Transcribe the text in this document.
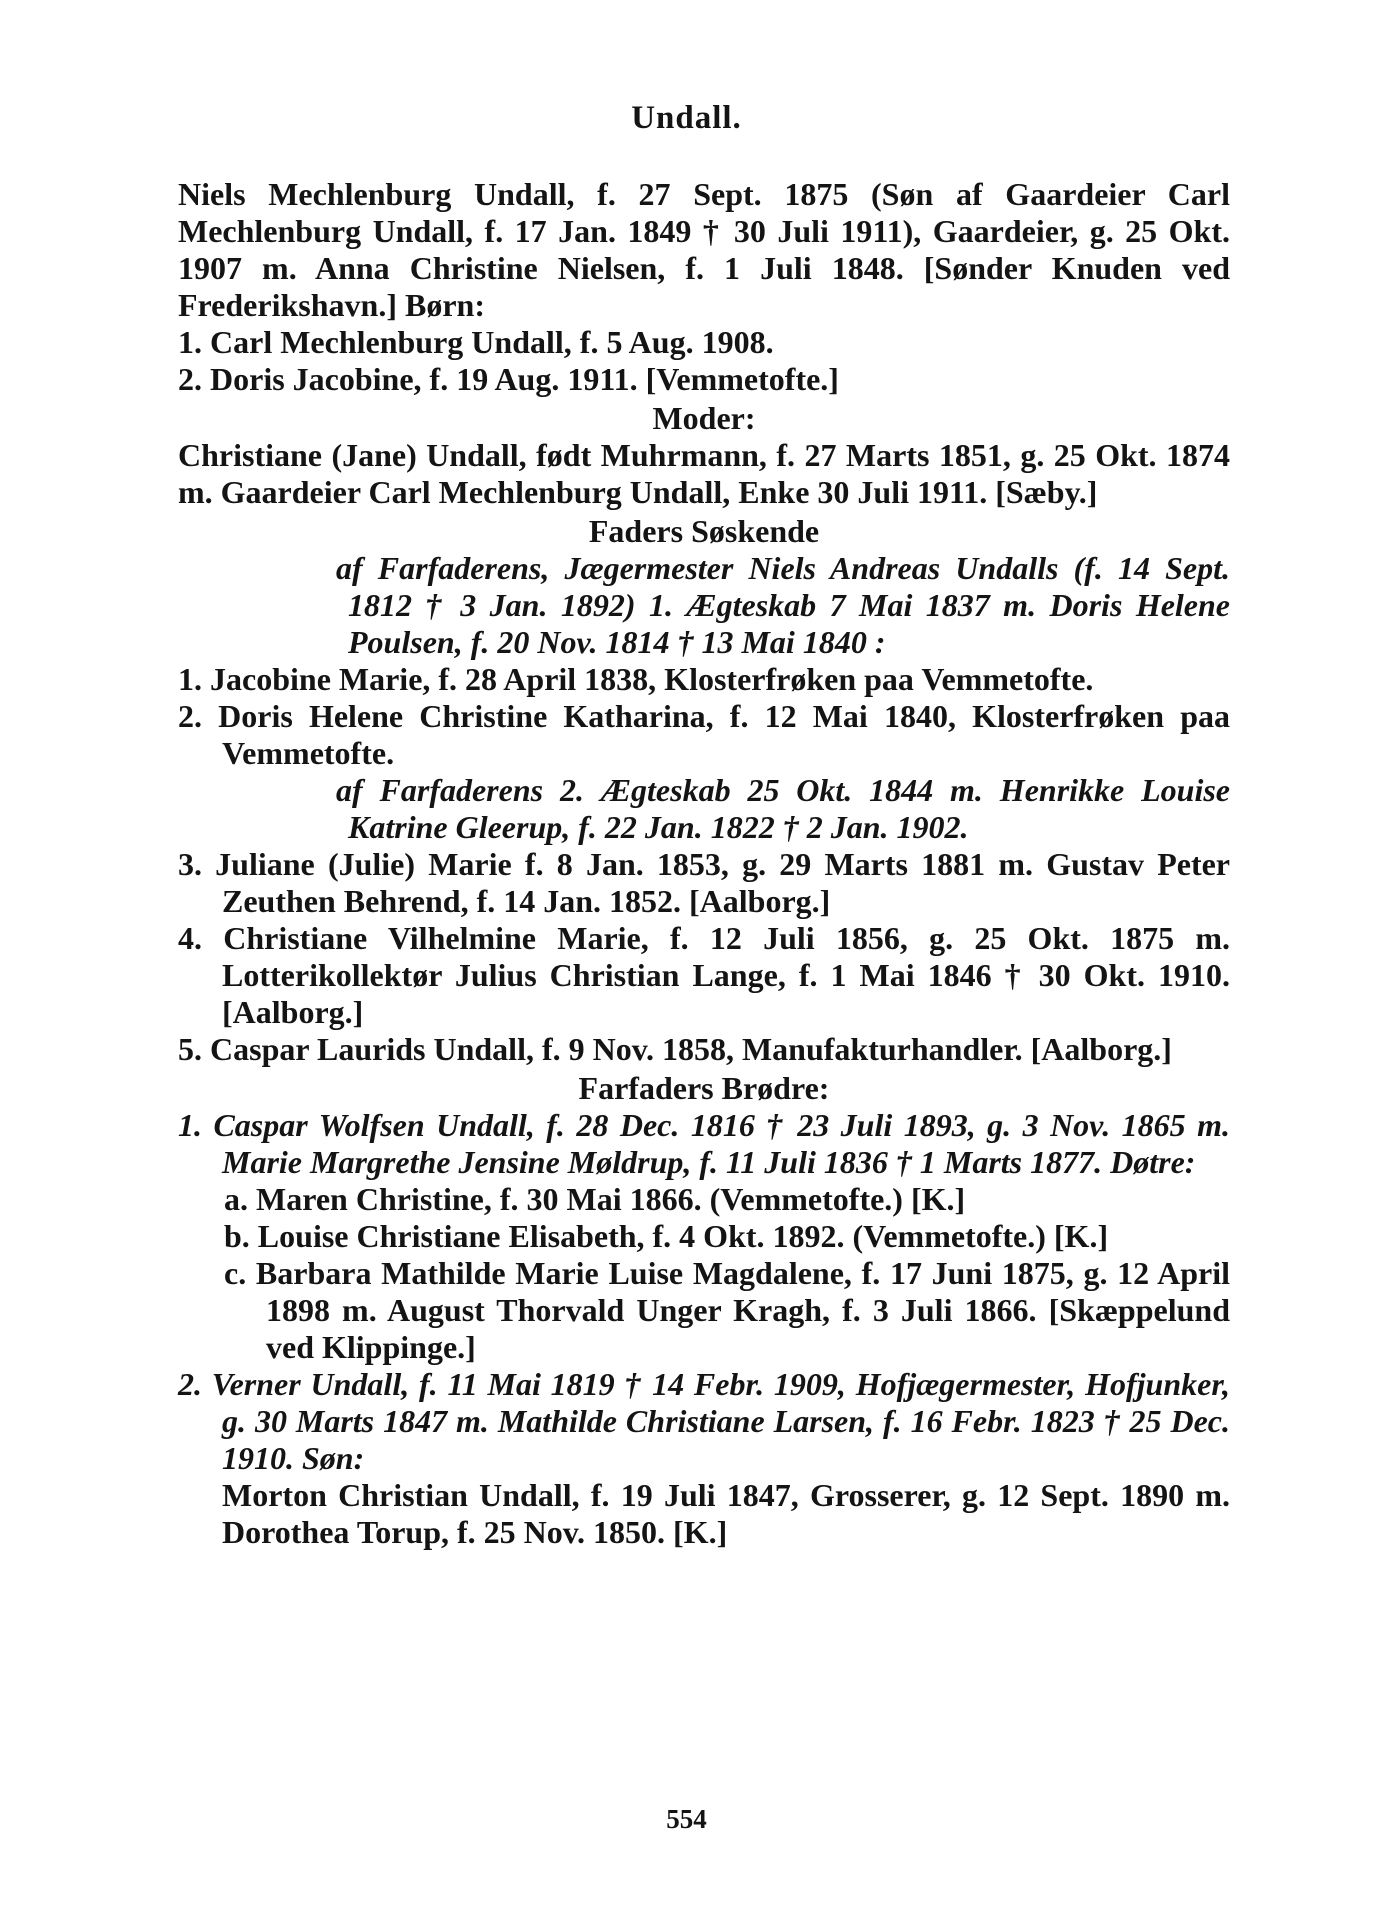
Undall.

Niels Mechlenburg Undall, f. 27 Sept. 1875 (Søn af Gaardeier Carl Mechlenburg Undall, f. 17 Jan. 1849 † 30 Juli 1911), Gaardeier, g. 25 Okt. 1907 m. Anna Christine Nielsen, f. 1 Juli 1848. [Sønder Knuden ved Frederikshavn.] Børn:

1. Carl Mechlenburg Undall, f. 5 Aug. 1908.

2. Doris Jacobine, f. 19 Aug. 1911. [Vemmetofte.]

Moder:

Christiane (Jane) Undall, født Muhrmann, f. 27 Marts 1851, g. 25 Okt. 1874 m. Gaardeier Carl Mechlenburg Undall, Enke 30 Juli 1911. [Sæby.]

Faders Søskende

af Farfaderens, Jægermester Niels Andreas Undalls (f. 14 Sept. 1812 † 3 Jan. 1892) 1. Ægteskab 7 Mai 1837 m. Doris Helene Poulsen, f. 20 Nov. 1814 † 13 Mai 1840 :

1. Jacobine Marie, f. 28 April 1838, Klosterfrøken paa Vemmetofte.

2. Doris Helene Christine Katharina, f. 12 Mai 1840, Klosterfrøken paa Vemmetofte.

af Farfaderens 2. Ægteskab 25 Okt. 1844 m. Henrikke Louise Katrine Gleerup, f. 22 Jan. 1822 † 2 Jan. 1902.

3. Juliane (Julie) Marie f. 8 Jan. 1853, g. 29 Marts 1881 m. Gustav Peter Zeuthen Behrend, f. 14 Jan. 1852. [Aalborg.]

4. Christiane Vilhelmine Marie, f. 12 Juli 1856, g. 25 Okt. 1875 m. Lotterikollektør Julius Christian Lange, f. 1 Mai 1846 † 30 Okt. 1910. [Aalborg.]

5. Caspar Laurids Undall, f. 9 Nov. 1858, Manufakturhandler. [Aalborg.]

Farfaders Brødre:

1. Caspar Wolfsen Undall, f. 28 Dec. 1816 † 23 Juli 1893, g. 3 Nov. 1865 m. Marie Margrethe Jensine Møldrup, f. 11 Juli 1836 † 1 Marts 1877. Døtre:

a. Maren Christine, f. 30 Mai 1866. (Vemmetofte.) [K.]

b. Louise Christiane Elisabeth, f. 4 Okt. 1892. (Vemmetofte.) [K.]

c. Barbara Mathilde Marie Luise Magdalene, f. 17 Juni 1875, g. 12 April 1898 m. August Thorvald Unger Kragh, f. 3 Juli 1866. [Skæppelund ved Klippinge.]

2. Verner Undall, f. 11 Mai 1819 † 14 Febr. 1909, Hofjægermester, Hofjunker, g. 30 Marts 1847 m. Mathilde Christiane Larsen, f. 16 Febr. 1823 † 25 Dec. 1910. Søn:

Morton Christian Undall, f. 19 Juli 1847, Grosserer, g. 12 Sept. 1890 m. Dorothea Torup, f. 25 Nov. 1850. [K.]

554
